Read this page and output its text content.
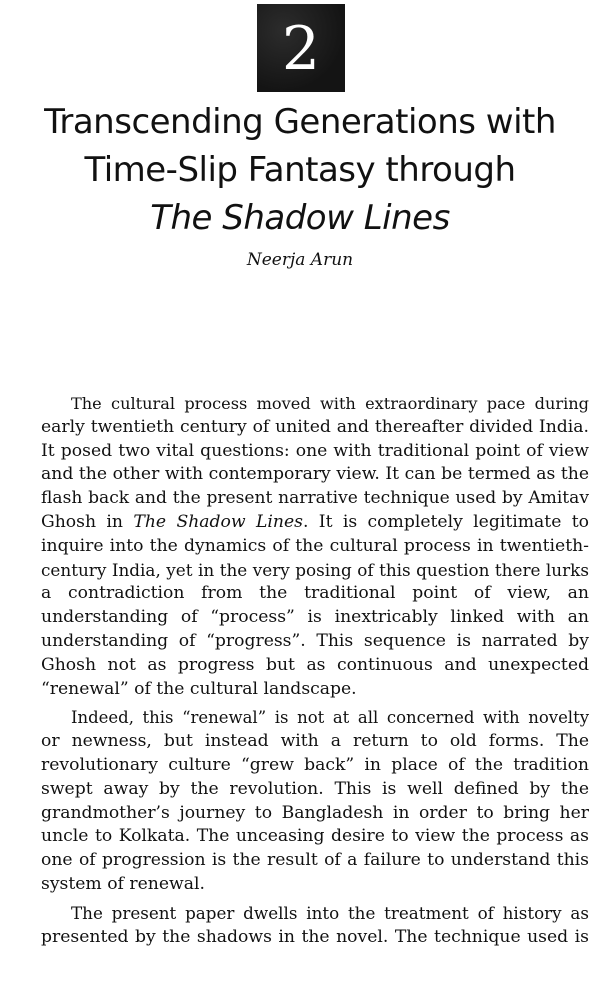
2
Transcending Generations with
Time-Slip Fantasy through
The Shadow Lines
Neerja Arun

The cultural process moved with extraordinary pace during
early twentieth century of united and thereafter divided India.
It posed two vital questions: one with traditional point of view
and the other with contemporary view. It can be termed as the
flash back and the present narrative technique used by Amitav
Ghosh in The Shadow Lines. It is completely legitimate to
inquire into the dynamics of the cultural process in twentieth-
century India, yet in the very posing of this question there lurks
a contradiction from the traditional point of view, an
understanding of “process” is inextricably linked with an
understanding of “progress”. This sequence is narrated by
Ghosh not as progress but as continuous and unexpected
“renewal” of the cultural landscape.

Indeed, this “renewal” is not at all concerned with novelty
or newness, but instead with a return to old forms. The
revolutionary culture “grew back” in place of the tradition
swept away by the revolution. This is well defined by the
grandmother’s journey to Bangladesh in order to bring her
uncle to Kolkata. The unceasing desire to view the process as
one of progression is the result of a failure to understand this
system of renewal.

The present paper dwells into the treatment of history as
presented by the shadows in the novel. The technique used is
